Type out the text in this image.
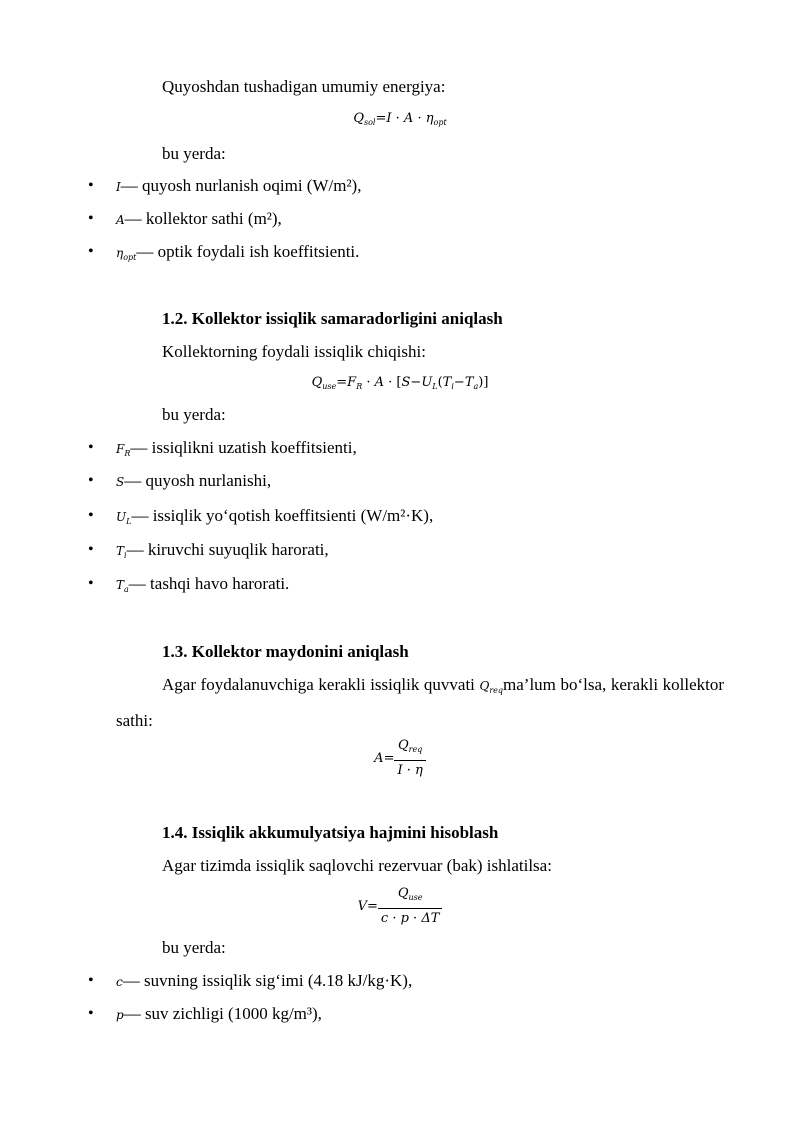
Quyoshdan tushadigan umumiy energiya:
$Q_{sol}=I \cdot A \cdot \eta_{opt}$
bu yerda:
• I— quyosh nurlanish oqimi (W/m²),
• A— kollektor sathi (m²),
• $\eta_{opt}—$ optik foydali ish koeffitsienti.
1.2. Kollektor issiqlik samaradorligini aniqlash
Kollektorning foydali issiqlik chiqishi:
$Q_{use}=F_R \cdot A \cdot [S-U_L(T_i-T_a)]$
bu yerda:
• $F_R—$ issiqlikni uzatish koeffitsienti,
• S— quyosh nurlanishi,
• $U_L—$ issiqlik yo‘qotish koeffitsienti (W/m²·K),
• $T_i—$ kiruvchi suyuqlik harorati,
• $T_a—$ tashqi havo harorati.
1.3. Kollektor maydonini aniqlash
Agar foydalanuvchiga kerakli issiqlik quvvati $Q_{req}ma’lum$ bo‘lsa, kerakli kollektor sathi:
$A= \frac{Q_{req}}{I \cdot \eta}$
1.4. Issiqlik akkumulyatsiya hajmini hisoblash
Agar tizimda issiqlik saqlovchi rezervuar (bak) ishlatilsa:
$V= \frac{Q_{use}}{c \cdot p \cdot \Delta T}$
bu yerda:
• c— suvning issiqlik sig‘imi (4.18 kJ/kg·K),
• p— suv zichligi (1000 kg/m³),
